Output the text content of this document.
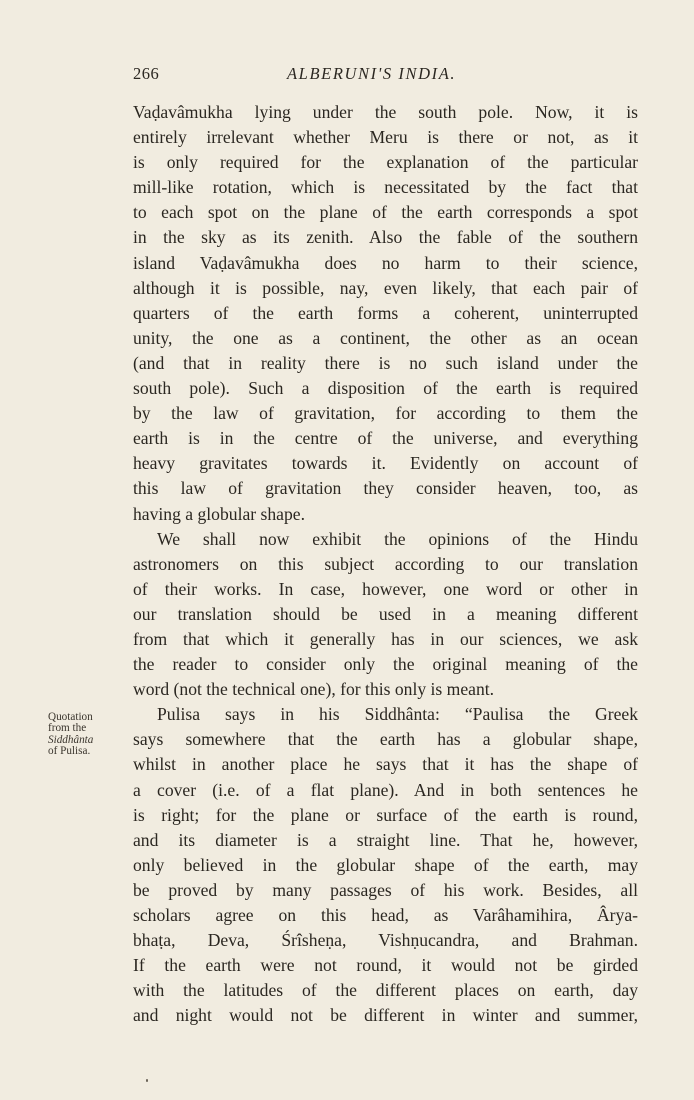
266	ALBERUNI'S INDIA.
Quotation
from the
Siddhânta
of Pulisa.
Vaḍavâmukha lying under the south pole. Now, it is
entirely irrelevant whether Meru is there or not, as it
is only required for the explanation of the particular
mill-like rotation, which is necessitated by the fact that
to each spot on the plane of the earth corresponds a spot
in the sky as its zenith. Also the fable of the southern
island Vaḍavâmukha does no harm to their science,
although it is possible, nay, even likely, that each pair of
quarters of the earth forms a coherent, uninterrupted
unity, the one as a continent, the other as an ocean
(and that in reality there is no such island under the
south pole). Such a disposition of the earth is required
by the law of gravitation, for according to them the
earth is in the centre of the universe, and everything
heavy gravitates towards it. Evidently on account of
this law of gravitation they consider heaven, too, as
having a globular shape.
We shall now exhibit the opinions of the Hindu
astronomers on this subject according to our translation
of their works. In case, however, one word or other in
our translation should be used in a meaning different
from that which it generally has in our sciences, we ask
the reader to consider only the original meaning of the
word (not the technical one), for this only is meant.
Pulisa says in his Siddhânta: “Paulisa the Greek
says somewhere that the earth has a globular shape,
whilst in another place he says that it has the shape of
a cover (i.e. of a flat plane). And in both sentences he
is right; for the plane or surface of the earth is round,
and its diameter is a straight line. That he, however,
only believed in the globular shape of the earth, may
be proved by many passages of his work. Besides, all
scholars agree on this head, as Varâhamihira, Ârya-
bhaṭa, Deva, Śrîsheṇa, Vishṇucandra, and Brahman.
If the earth were not round, it would not be girded
with the latitudes of the different places on earth, day
and night would not be different in winter and summer,
